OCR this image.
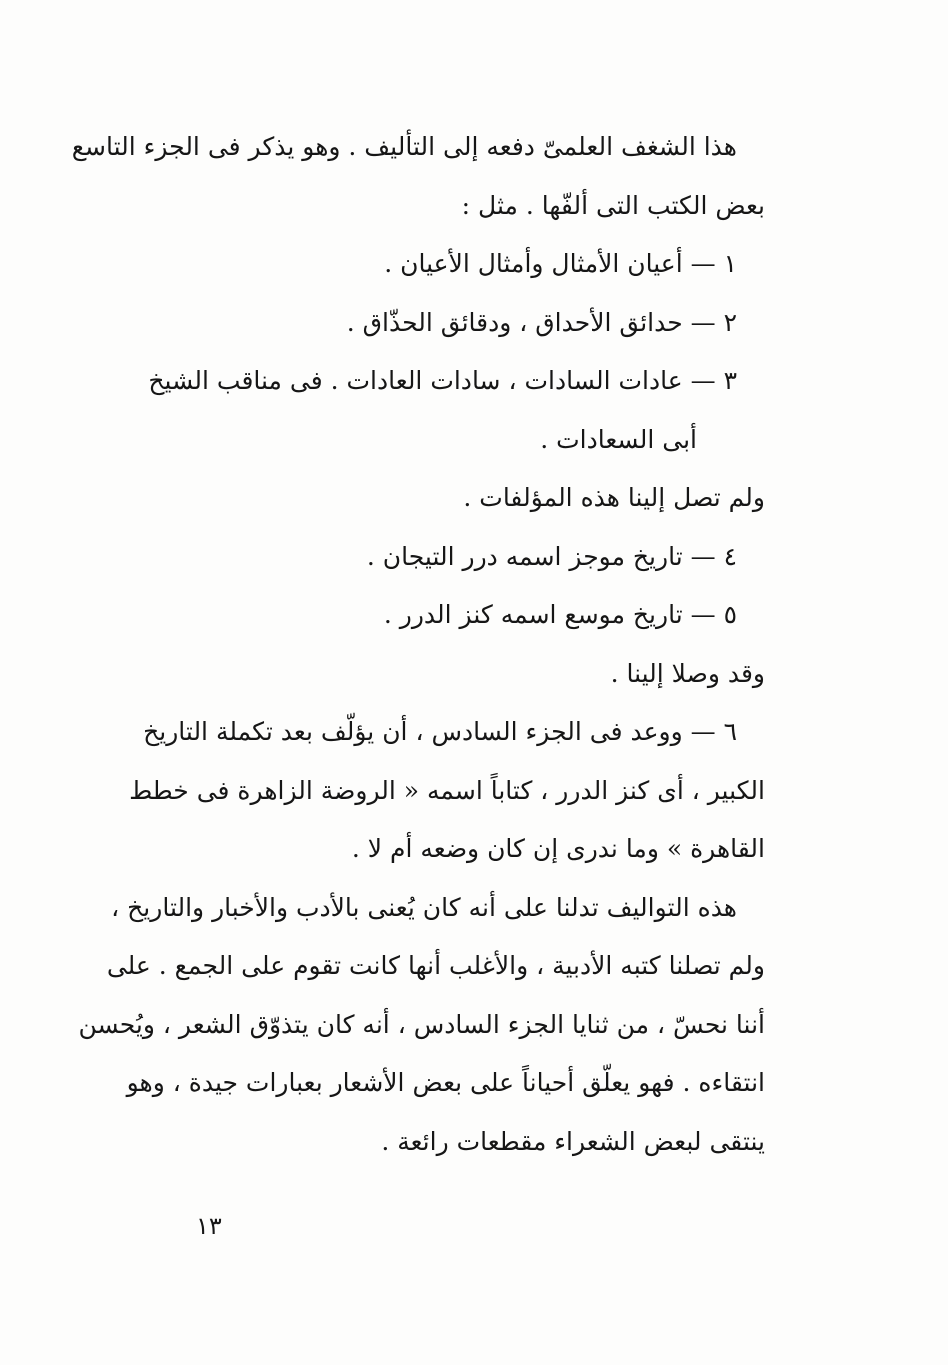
هذا الشغف العلمىّ دفعه إلى التأليف . وهو يذكر فى الجزء التاسع
بعض الكتب التى ألفّها . مثل :
١ — أعيان الأمثال وأمثال الأعيان .
٢ — حدائق الأحداق ، ودقائق الحذّاق .
٣ — عادات السادات ، سادات العادات . فى مناقب الشيخ
أبى السعادات .
ولم تصل إلينا هذه المؤلفات .
٤ — تاريخ موجز اسمه درر التيجان .
٥ — تاريخ موسع اسمه كنز الدرر .
وقد وصلا إلينا .
٦ — ووعد فى الجزء السادس ، أن يؤلّف بعد تكملة التاريخ
الكبير ، أى كنز الدرر ، كتاباً اسمه « الروضة الزاهرة فى خطط
القاهرة » وما ندرى إن كان وضعه أم لا .
هذه التواليف تدلنا على أنه كان يُعنى بالأدب والأخبار والتاريخ ،
ولم تصلنا كتبه الأدبية ، والأغلب أنها كانت تقوم على الجمع . على
أننا نحسّ ، من ثنايا الجزء السادس ، أنه كان يتذوّق الشعر ، ويُحسن
انتقاءه . فهو يعلّق أحياناً على بعض الأشعار بعبارات جيدة ، وهو
ينتقى لبعض الشعراء مقطعات رائعة .
١٣
